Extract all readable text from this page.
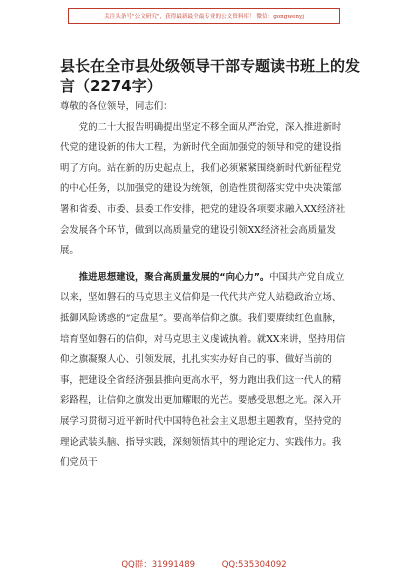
关注头条号"公文研究"，获得最新最全最专业的公文资料库！ 微信：gongwenyj
县长在全市县处级领导干部专题读书班上的发言（2274字）

尊敬的各位领导，同志们：

党的二十大报告明确提出坚定不移全面从严治党，深入推进新时代党的建设新的伟大工程，为新时代全面加强党的领导和党的建设指明了方向。站在新的历史起点上，我们必须紧紧围绕新时代新征程党的中心任务，以加强党的建设为统领，创造性贯彻落实党中央决策部署和省委、市委、县委工作安排，把党的建设各项要求融入XX经济社会发展各个环节，做到以高质量党的建设引领XX经济社会高质量发展。

推进思想建设，聚合高质量发展的“向心力”。中国共产党自成立以来，坚如磐石的马克思主义信仰是一代代共产党人站稳政治立场、抵御风险诱惑的“定盘星”。要高举信仰之旗。我们要赓续红色血脉，培育坚如磐石的信仰，对马克思主义虔诚执着。就XX来讲，坚持用信仰之旗凝聚人心、引领发展，扎扎实实办好自己的事、做好当前的事，把建设全省经济强县推向更高水平，努力跑出我们这一代人的精彩路程，让信仰之旗发出更加耀眼的光芒。要感受思想之光。深入开展学习贯彻习近平新时代中国特色社会主义思想主题教育，坚持党的理论武装头脑、指导实践，深刻领悟其中的理论定力、实践伟力。我们党员干

QQ群：31991489	QQ:535304092
